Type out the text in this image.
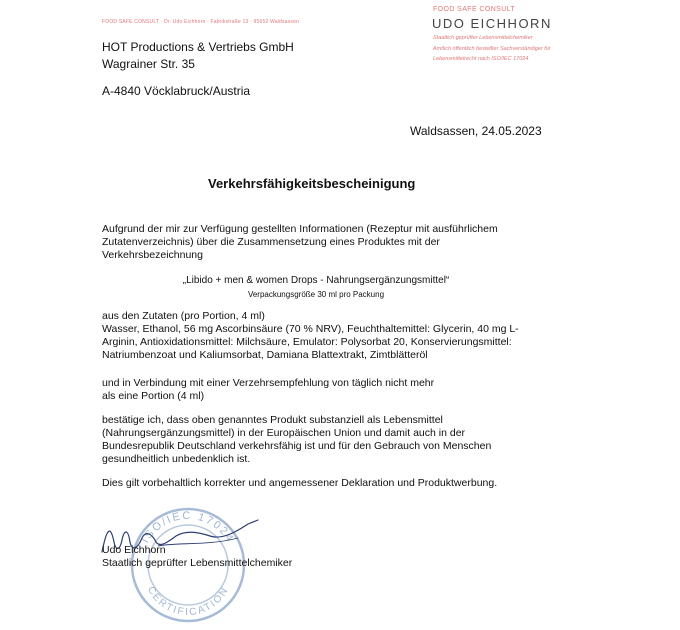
FOOD SAFE CONSULT · Dr. Udo Eichhorn · Fabrikstraße 13 · 95652 Waldsassen
FOOD SAFE CONSULT
UDO EICHHORN
Staatlich geprüfter Lebensmittelchemiker
Amtlich öffentlich bestellter Sachverständiger für
Lebensmittelrecht nach ISO/IEC 17024
HOT Productions & Vertriebs GmbH
Wagrainer Str. 35
A-4840 Vöcklabruck/Austria
Waldsassen, 24.05.2023
Verkehrsfähigkeitsbescheinigung
Aufgrund der mir zur Verfügung gestellten Informationen (Rezeptur mit ausführlichem
Zutatenverzeichnis) über die Zusammensetzung eines Produktes mit der
Verkehrsbezeichnung
„Libido + men & women Drops - Nahrungsergänzungsmittel“
Verpackungsgröße 30 ml pro Packung
aus den Zutaten (pro Portion, 4 ml)
Wasser, Ethanol, 56 mg Ascorbinsäure (70 % NRV), Feuchthaltemittel: Glycerin, 40 mg L-
Arginin, Antioxidationsmittel: Milchsäure, Emulator: Polysorbat 20, Konservierungsmittel:
Natriumbenzoat und Kaliumsorbat, Damiana Blattextrakt, Zimtblätteröl
und in Verbindung mit einer Verzehrsempfehlung von täglich nicht mehr
als eine Portion (4 ml)
bestätige ich, dass oben genanntes Produkt substanziell als Lebensmittel
(Nahrungsergänzungsmittel) in der Europäischen Union und damit auch in der
Bundesrepublik Deutschland verkehrsfähig ist und für den Gebrauch von Menschen
gesundheitlich unbedenklich ist.
Dies gilt vorbehaltlich korrekter und angemessener Deklaration und Produktwerbung.
ISO/IEC 17024
CERTIFICATION
Udo Eichhorn
Staatlich geprüfter Lebensmittelchemiker
